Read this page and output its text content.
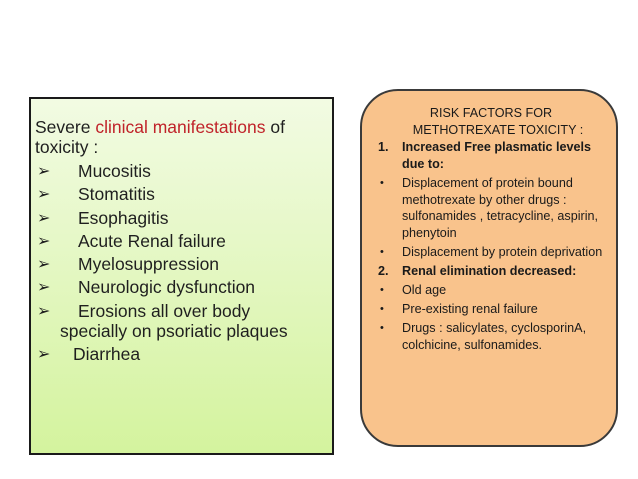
Severe clinical manifestations of
toxicity :

➢ Mucositis
➢ Stomatitis
➢ Esophagitis
➢ Acute Renal failure
➢ Myelosuppression
➢ Neurologic dysfunction
➢ Erosions all over body
specially on psoriatic plaques
➢ Diarrhea

RISK FACTORS FOR
METHOTREXATE TOXICITY :

1. Increased Free plasmatic levels due to:
• Displacement of protein bound methotrexate by other drugs : sulfonamides , tetracycline, aspirin, phenytoin
• Displacement by protein deprivation
2. Renal elimination decreased:
• Old age
• Pre-existing renal failure
• Drugs : salicylates, cyclosporinA, colchicine, sulfonamides.
